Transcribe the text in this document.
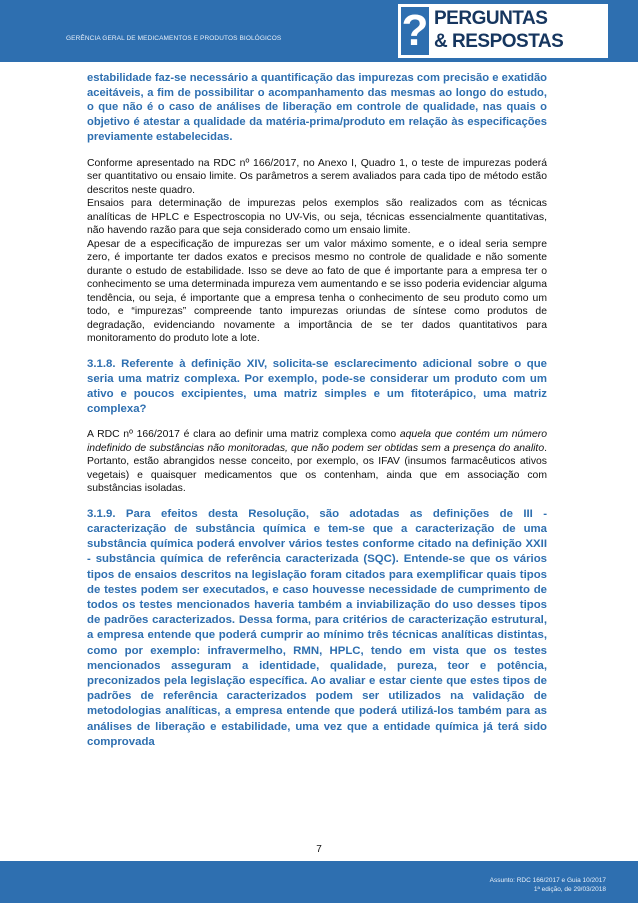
GERÊNCIA GERAL DE MEDICAMENTOS E PRODUTOS BIOLÓGICOS	? PERGUNTAS
& RESPOSTAS

estabilidade faz-se necessário a quantificação das impurezas com precisão e exatidão aceitáveis, a fim de possibilitar o acompanhamento das mesmas ao longo do estudo, o que não é o caso de análises de liberação em controle de qualidade, nas quais o objetivo é atestar a qualidade da matéria-prima/produto em relação às especificações previamente estabelecidas.

Conforme apresentado na RDC nº 166/2017, no Anexo I, Quadro 1, o teste de impurezas poderá ser quantitativo ou ensaio limite. Os parâmetros a serem avaliados para cada tipo de método estão descritos neste quadro.

Ensaios para determinação de impurezas pelos exemplos são realizados com as técnicas analíticas de HPLC e Espectroscopia no UV-Vis, ou seja, técnicas essencialmente quantitativas, não havendo razão para que seja considerado como um ensaio limite.

Apesar de a especificação de impurezas ser um valor máximo somente, e o ideal seria sempre zero, é importante ter dados exatos e precisos mesmo no controle de qualidade e não somente durante o estudo de estabilidade. Isso se deve ao fato de que é importante para a empresa ter o conhecimento se uma determinada impureza vem aumentando e se isso poderia evidenciar alguma tendência, ou seja, é importante que a empresa tenha o conhecimento de seu produto como um todo, e “impurezas” compreende tanto impurezas oriundas de síntese como produtos de degradação, evidenciando novamente a importância de se ter dados quantitativos para monitoramento do produto lote a lote.

3.1.8. Referente à definição XIV, solicita-se esclarecimento adicional sobre o que seria uma matriz complexa. Por exemplo, pode-se considerar um produto com um ativo e poucos excipientes, uma matriz simples e um fitoterápico, uma matriz complexa?

A RDC nº 166/2017 é clara ao definir uma matriz complexa como aquela que contém um número indefinido de substâncias não monitoradas, que não podem ser obtidas sem a presença do analito. Portanto, estão abrangidos nesse conceito, por exemplo, os IFAV (insumos farmacêuticos ativos vegetais) e quaisquer medicamentos que os contenham, ainda que em associação com substâncias isoladas.

3.1.9. Para efeitos desta Resolução, são adotadas as definições de III - caracterização de substância química e tem-se que a caracterização de uma substância química poderá envolver vários testes conforme citado na definição XXII - substância química de referência caracterizada (SQC). Entende-se que os vários tipos de ensaios descritos na legislação foram citados para exemplificar quais tipos de testes podem ser executados, e caso houvesse necessidade de cumprimento de todos os testes mencionados haveria também a inviabilização do uso desses tipos de padrões caracterizados. Dessa forma, para critérios de caracterização estrutural, a empresa entende que poderá cumprir ao mínimo três técnicas analíticas distintas, como por exemplo: infravermelho, RMN, HPLC, tendo em vista que os testes mencionados asseguram a identidade, qualidade, pureza, teor e potência, preconizados pela legislação específica. Ao avaliar e estar ciente que estes tipos de padrões de referência caracterizados podem ser utilizados na validação de metodologias analíticas, a empresa entende que poderá utilizá-los também para as análises de liberação e estabilidade, uma vez que a entidade química já terá sido comprovada

7
Assunto: RDC 166/2017 e Guia 10/2017
1ª edição, de 29/03/2018
